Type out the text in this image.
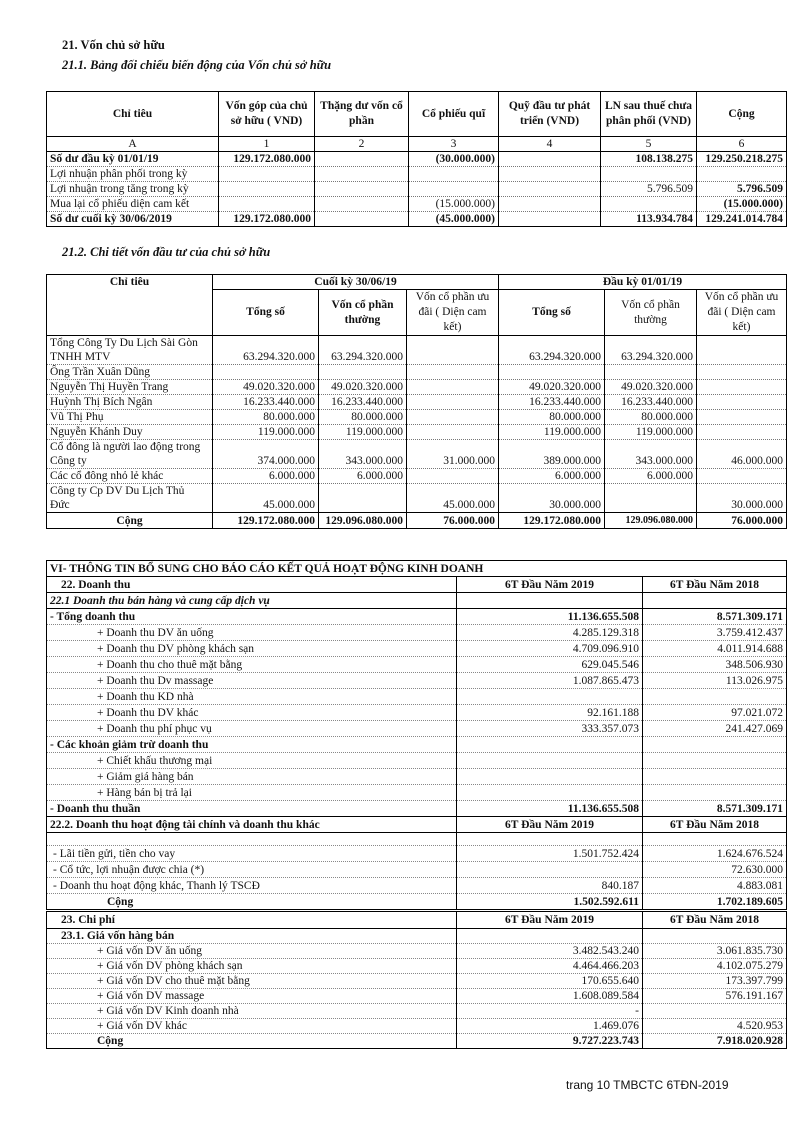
21. Vốn chủ sở hữu
21.1. Bảng đối chiếu biến động của Vốn chủ sở hữu
Chỉ tiêu	Vốn góp của chủ sở hữu ( VND)	Thặng dư vốn cổ phần	Cổ phiếu quĩ	Quỹ đầu tư phát triển (VND)	LN sau thuế chưa phân phối (VND)	Cộng
A	1	2	3	4	5	6
Số dư đầu kỳ 01/01/19	129.172.080.000		(30.000.000)		108.138.275	129.250.218.275
Lợi nhuận phân phối trong kỳ						
Lợi nhuận trong tăng trong kỳ					5.796.509	5.796.509
Mua lại cổ phiếu diện cam kết			(15.000.000)			(15.000.000)
Số dư cuối kỳ 30/06/2019	129.172.080.000		(45.000.000)		113.934.784	129.241.014.784
21.2. Chi tiết vốn đầu tư của chủ sở hữu
Chỉ tiêu	Cuối kỳ 30/06/19			Đầu kỳ 01/01/19		
	Tổng số	Vốn cổ phần thường	Vốn cổ phần ưu đãi ( Diện cam kết)	Tổng số	Vốn cổ phần thường	Vốn cổ phần ưu đãi ( Diện cam kết)
Tổng Công Ty Du Lịch Sài Gòn						
TNHH MTV	63.294.320.000	63.294.320.000		63.294.320.000	63.294.320.000	
Ông Trần Xuân Dũng						
Nguyễn Thị Huyền Trang	49.020.320.000	49.020.320.000		49.020.320.000	49.020.320.000	
Huỳnh Thị Bích Ngân	16.233.440.000	16.233.440.000		16.233.440.000	16.233.440.000	
Vũ Thị Phụ	80.000.000	80.000.000		80.000.000	80.000.000	
Nguyễn Khánh Duy	119.000.000	119.000.000		119.000.000	119.000.000	
Cổ đông là người lao động trong						
Công ty	374.000.000	343.000.000	31.000.000	389.000.000	343.000.000	46.000.000
Các cổ đông nhỏ lẻ khác	6.000.000	6.000.000		6.000.000	6.000.000	
Công ty Cp DV Du Lịch Thủ						
Đức	45.000.000		45.000.000	30.000.000		30.000.000
Cộng	129.172.080.000	129.096.080.000	76.000.000	129.172.080.000	129.096.080.000	76.000.000
VI- THÔNG TIN BỔ SUNG CHO BÁO CÁO KẾT QUẢ HOẠT ĐỘNG KINH DOANH		
22. Doanh thu	6T Đầu Năm 2019	6T Đầu Năm 2018
22.1 Doanh thu bán hàng và cung cấp dịch vụ		
- Tổng doanh thu	11.136.655.508	8.571.309.171
+ Doanh thu DV ăn uống	4.285.129.318	3.759.412.437
+ Doanh thu DV phòng khách sạn	4.709.096.910	4.011.914.688
+ Doanh thu cho thuê mặt bằng	629.045.546	348.506.930
+ Doanh thu Dv massage	1.087.865.473	113.026.975
+ Doanh thu KD nhà		
+ Doanh thu DV khác	92.161.188	97.021.072
+ Doanh thu phí phục vụ	333.357.073	241.427.069
- Các khoản giảm trừ doanh thu		
+ Chiết khấu thương mại		
+ Giảm giá hàng bán		
+ Hàng bán bị trả lại		
- Doanh thu thuần	11.136.655.508	8.571.309.171
22.2. Doanh thu hoạt động tài chính và doanh thu khác	6T Đầu Năm 2019	6T Đầu Năm 2018

- Lãi tiền gửi, tiền cho vay	1.501.752.424	1.624.676.524
- Cổ tức, lợi nhuận được chia (*)		72.630.000
- Doanh thu hoạt động khác, Thanh lý TSCĐ	840.187	4.883.081
Cộng	1.502.592.611	1.702.189.605
23. Chi phí	6T Đầu Năm 2019	6T Đầu Năm 2018
23.1. Giá vốn hàng bán		
+ Giá vốn DV ăn uống	3.482.543.240	3.061.835.730
+ Giá vốn DV phòng khách sạn	4.464.466.203	4.102.075.279
+ Giá vốn DV cho thuê mặt bằng	170.655.640	173.397.799
+ Giá vốn DV massage	1.608.089.584	576.191.167
+ Giá vốn DV Kinh doanh nhà	-	
+ Giá vốn DV khác	1.469.076	4.520.953
Cộng	9.727.223.743	7.918.020.928
trang 10 TMBCTC 6TĐN-2019
